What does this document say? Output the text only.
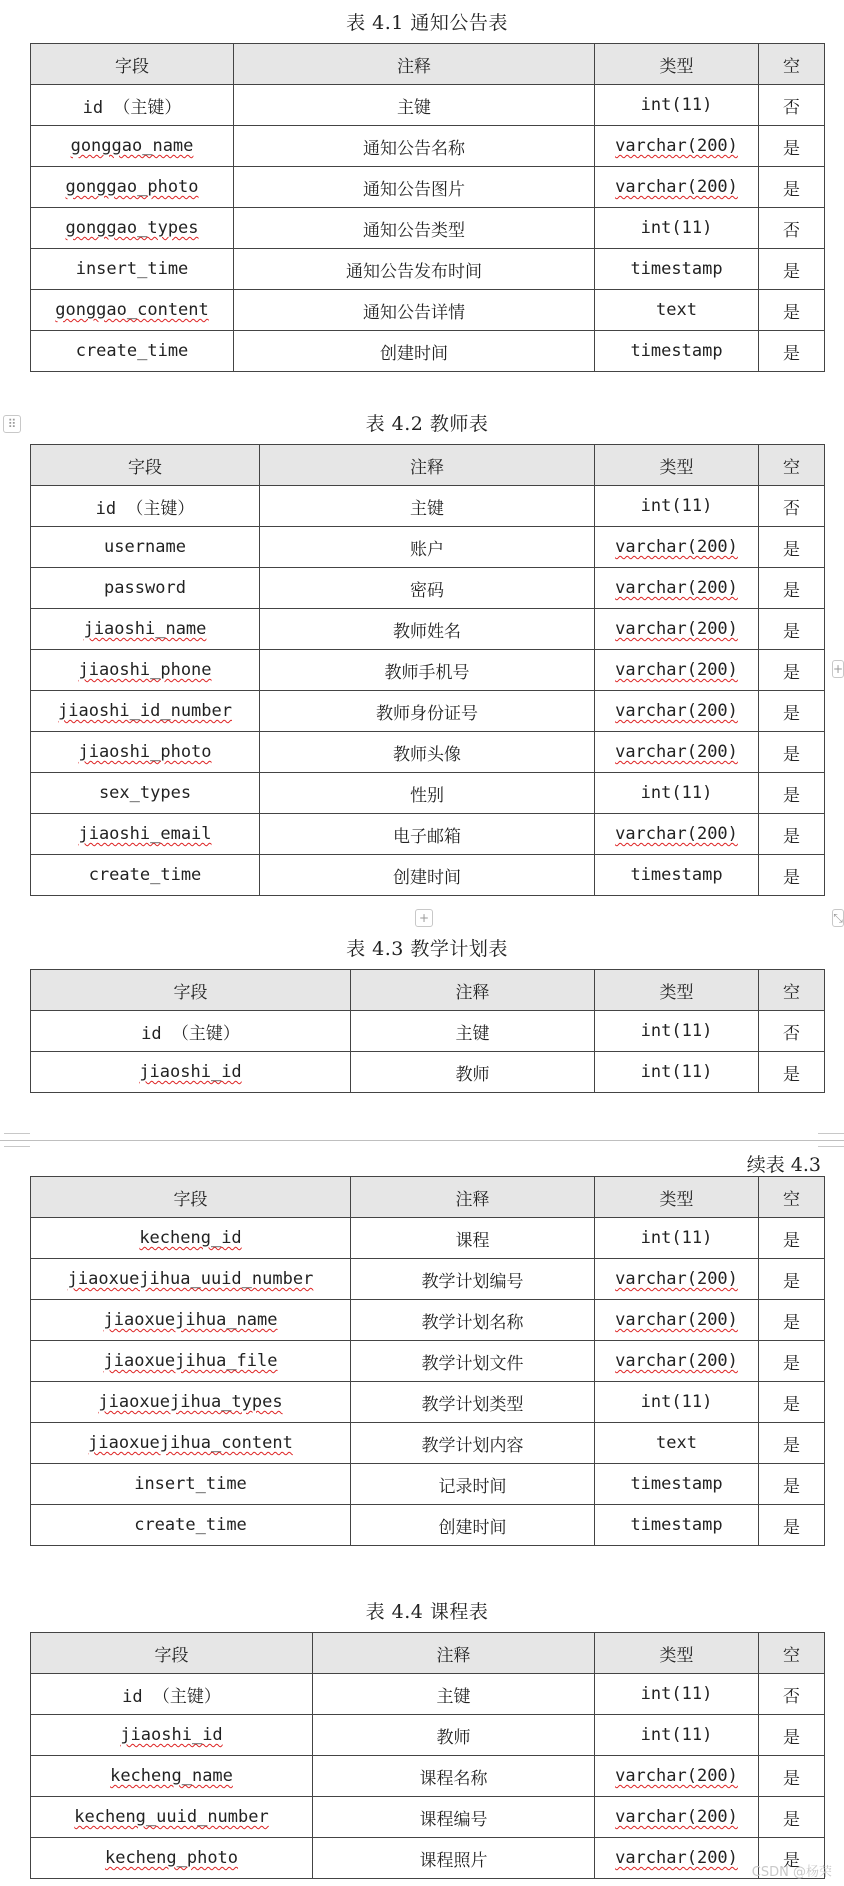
表 4.1 通知公告表
字段	注释	类型	空
id （主键）	主键	int(11)	否
gonggao_name	通知公告名称	varchar(200)	是
gonggao_photo	通知公告图片	varchar(200)	是
gonggao_types	通知公告类型	int(11)	否
insert_time	通知公告发布时间	timestamp	是
gonggao_content	通知公告详情	text	是
create_time	创建时间	timestamp	是
⠿	表 4.2 教师表
字段	注释	类型	空
id （主键）	主键	int(11)	否
username	账户	varchar(200)	是
password	密码	varchar(200)	是
jiaoshi_name	教师姓名	varchar(200)	是
jiaoshi_phone	教师手机号	varchar(200)	是
jiaoshi_id_number	教师身份证号	varchar(200)	是
jiaoshi_photo	教师头像	varchar(200)	是
sex_types	性别	int(11)	是
jiaoshi_email	电子邮箱	varchar(200)	是
create_time	创建时间	timestamp	是
+
+	⤡
表 4.3 教学计划表
字段	注释	类型	空
id （主键）	主键	int(11)	否
jiaoshi_id	教师	int(11)	是
续表 4.3
字段	注释	类型	空
kecheng_id	课程	int(11)	是
jiaoxuejihua_uuid_number	教学计划编号	varchar(200)	是
jiaoxuejihua_name	教学计划名称	varchar(200)	是
jiaoxuejihua_file	教学计划文件	varchar(200)	是
jiaoxuejihua_types	教学计划类型	int(11)	是
jiaoxuejihua_content	教学计划内容	text	是
insert_time	记录时间	timestamp	是
create_time	创建时间	timestamp	是
表 4.4 课程表
字段	注释	类型	空
id （主键）	主键	int(11)	否
jiaoshi_id	教师	int(11)	是
kecheng_name	课程名称	varchar(200)	是
kecheng_uuid_number	课程编号	varchar(200)	是
kecheng_photo	课程照片	varchar(200)	是
CSDN @杨荣
